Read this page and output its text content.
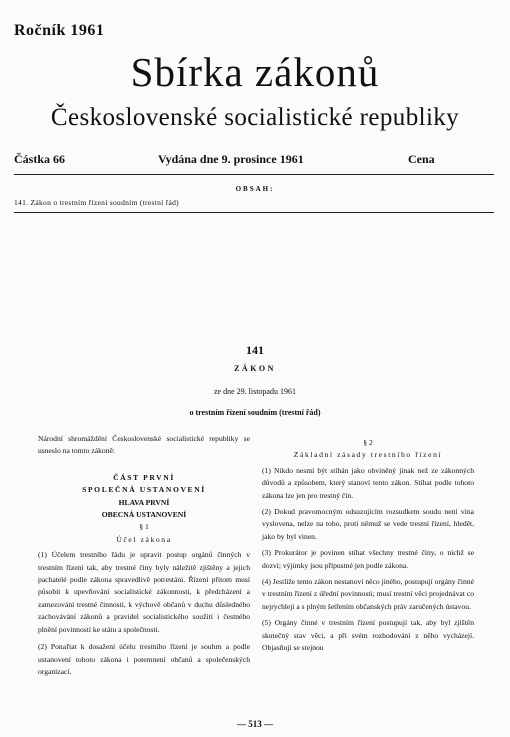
Ročník 1961
Sbírka zákonů
Československé socialistické republiky
Částka 66	Vydána dne 9. prosince 1961	Cena
OBSAH:
141. Zákon o trestním řízení soudním (trestní řád)
141
ZÁKON
ze dne 29. listopadu 1961
o trestním řízení soudním (trestní řád)

Národní shromáždění Československé socialistické republiky se usneslo na tomto zákoně:

ČÁST PRVNÍ

SPOLEČNÁ USTANOVENÍ

HLAVA PRVNÍ

OBECNÁ USTANOVENÍ

§ 1

Účel zákona

(1) Účelem trestního řádu je upravit postup orgánů činných v trestním řízení tak, aby trestné činy byly náležitě zjištěny a jejich pachatelé podle zákona spravedlivě potrestáni. Řízení přitom musí působit k upevňování socialistické zákonnosti, k předcházení a zamezování trestné činnosti, k výchově občanů v duchu důsledného zachovávání zákonů a pravidel socialistického soužití i čestného plnění povinností ke státu a společnosti.

(2) Ponaľtat k dosažení účelu trestního řízení je souhrn a podle ustanovení tohoto zákona i potemnení občanů a společenských organizací.

§ 2

Základní zásady trestního řízení

(1) Nikdo nesmí být stíhán jako obviněný jinak než ze zákonných důvodů a způsobem, který stanoví tento zákon. Stíhat podle tohoto zákona lze jen pro trestný čin.

(2) Dokud pravomocným odsuzujícím rozsudkem soudu není vina vyslovena, nelze na toho, proti němuž se vede trestní řízení, hledět, jako by byl vinen.

(3) Prokurátor je povinen stíhat všechny trestné činy, o nichž se dozví; výjimky jsou přípustné jen podle zákona.

(4) Jestliže tento zákon nestanoví něco jiného, postupují orgány činné v trestním řízení z úřední povinnosti; musí trestní věci projednávat co nejrychleji a s plným šetřením občanských práv zaručených ústavou.

(5) Orgány činné v trestním řízení postupují tak, aby byl zjištěn skutečný stav věci, a při svém rozhodování z něho vycházejí. Objasňují se stejnou

— 513 —
